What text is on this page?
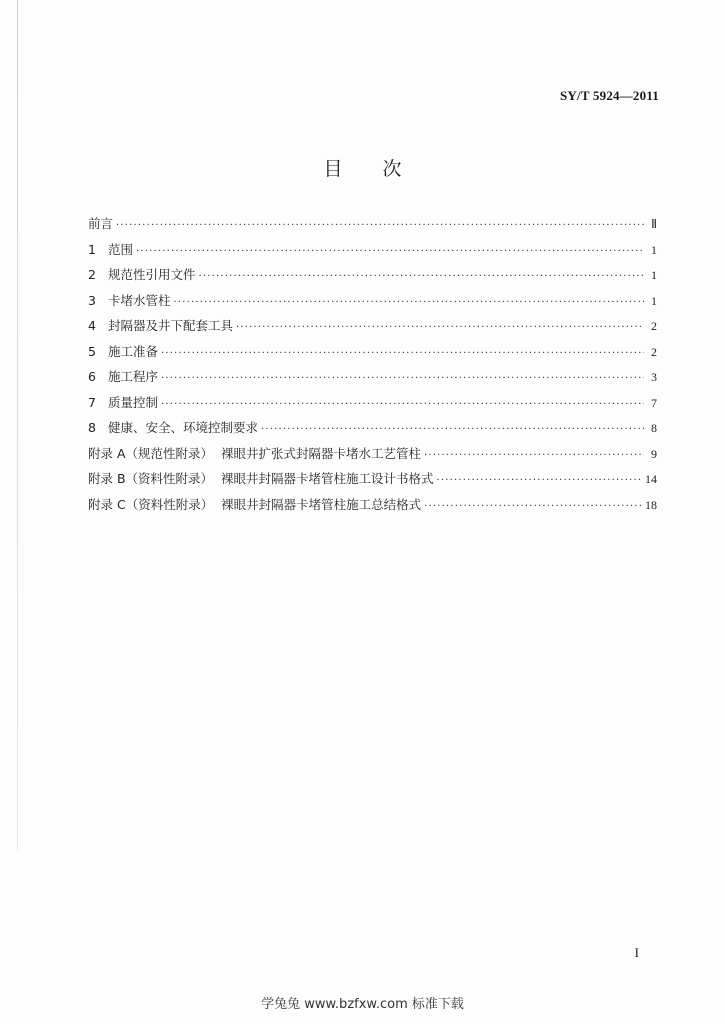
SY/T 5924—2011
目 次
前言 ·····	Ⅱ
1 范围 ·····	1
2 规范性引用文件 ·····	1
3 卡堵水管柱 ·····	1
4 封隔器及井下配套工具 ·····	2
5 施工准备 ·····	2
6 施工程序 ·····	3
7 质量控制 ·····	7
8 健康、安全、环境控制要求 ·····	8
附录 A（规范性附录）  裸眼井扩张式封隔器卡堵水工艺管柱 ·····	9
附录 B（资料性附录）  裸眼井封隔器卡堵管柱施工设计书格式 ·····	14
附录 C（资料性附录）  裸眼井封隔器卡堵管柱施工总结格式 ·····	18
I
学兔兔 www.bzfxw.com 标准下载
